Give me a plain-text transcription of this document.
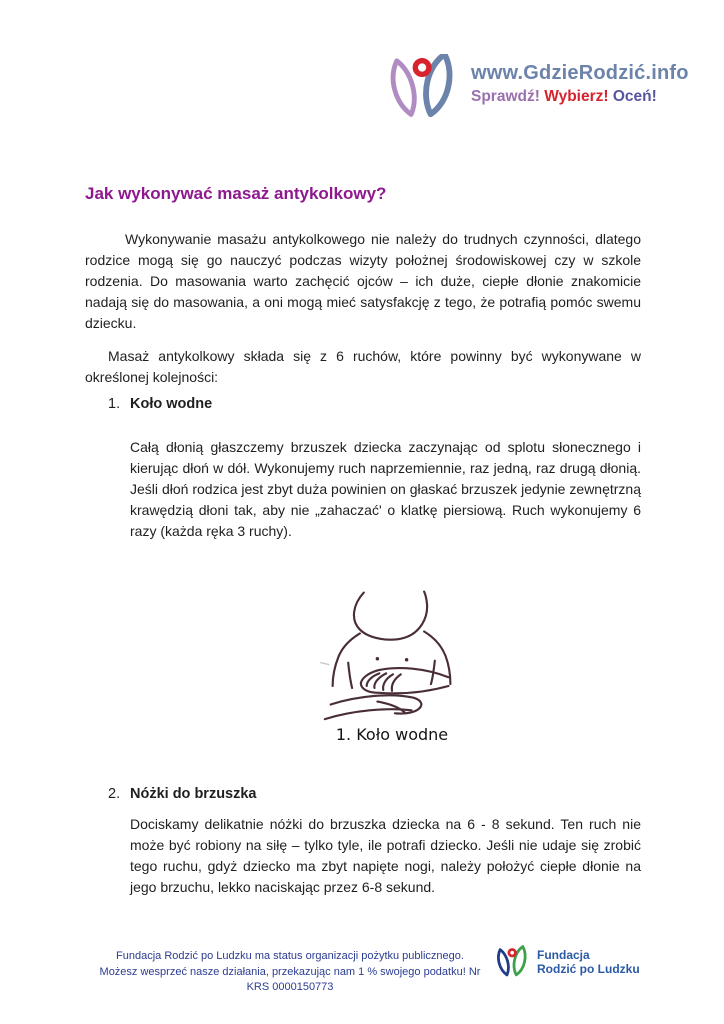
www.GdzieRodzić.info
Sprawdź! Wybierz! Oceń!
Jak wykonywać masaż antykolkowy?

Wykonywanie masażu antykolkowego nie należy do trudnych czynności, dlatego rodzice mogą się go nauczyć podczas wizyty położnej środowiskowej czy w szkole rodzenia. Do masowania warto zachęcić ojców – ich duże, ciepłe dłonie znakomicie nadają się do masowania, a oni mogą mieć satysfakcję z tego, że potrafią pomóc swemu dziecku.

Masaż antykolkowy składa się z 6 ruchów, które powinny być wykonywane w określonej kolejności:

1. Koło wodne

Całą dłonią głaszczemy brzuszek dziecka zaczynając od splotu słonecznego i kierując dłoń w dół. Wykonujemy ruch naprzemiennie, raz jedną, raz drugą dłonią. Jeśli dłoń rodzica jest zbyt duża powinien on głaskać brzuszek jedynie zewnętrzną krawędzią dłoni tak, aby nie „zahaczać' o klatkę piersiową. Ruch wykonujemy 6 razy (każda ręka 3 ruchy).

1. Koło wodne
2. Nóżki do brzuszka

Dociskamy delikatnie nóżki do brzuszka dziecka na 6 - 8 sekund. Ten ruch nie może być robiony na siłę – tylko tyle, ile potrafi dziecko. Jeśli nie udaje się zrobić tego ruchu, gdyż dziecko ma zbyt napięte nogi, należy położyć ciepłe dłonie na jego brzuchu, lekko naciskając przez 6-8 sekund.

Fundacja Rodzić po Ludzku ma status organizacji pożytku publicznego.
Możesz wesprzeć nasze działania, przekazując nam 1 % swojego podatku! Nr KRS 0000150773
Fundacja
Rodzić po Ludzku
